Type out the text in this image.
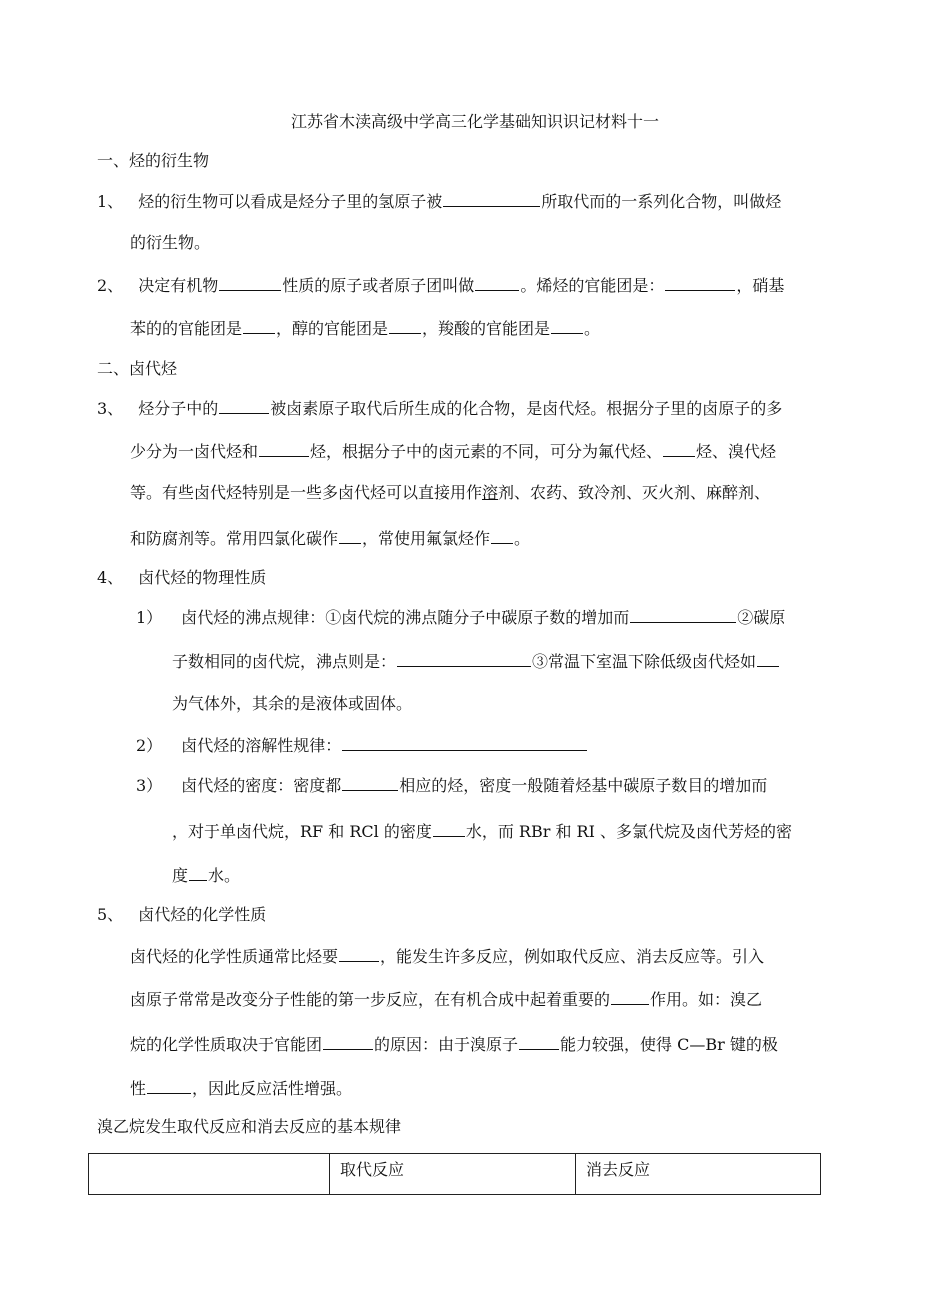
江苏省木渎高级中学高三化学基础知识识记材料十一
一、烃的衍生物
1、 烃的衍生物可以看成是烃分子里的氢原子被	所取代而的一系列化合物，叫做烃
的衍生物。
2、 决定有机物	性质的原子或者原子团叫做	。烯烃的官能团是：	，硝基
苯的的官能团是 ，醇的官能团是 ，羧酸的官能团是 。
二、卤代烃
3、 烃分子中的	被卤素原子取代后所生成的化合物，是卤代烃。根据分子里的卤原子的多
少分为一卤代烃和	烃，根据分子中的卤元素的不同，可分为氟代烃、 烃、溴代烃
等。有些卤代烃特别是一些多卤代烃可以直接用作溶剂、农药、致冷剂、灭火剂、麻醉剂、
和防腐剂等。常用四氯化碳作 ，常使用氟氯烃作 。
4、 卤代烃的物理性质
1） 卤代烃的沸点规律：①卤代烷的沸点随分子中碳原子数的增加而	②碳原
子数相同的卤代烷，沸点则是：	③常温下室温下除低级卤代烃如
为气体外，其余的是液体或固体。
2） 卤代烃的溶解性规律：
3） 卤代烃的密度：密度都	相应的烃，密度一般随着烃基中碳原子数目的增加而
，对于单卤代烷，RF 和 RCl 的密度 水，而 RBr 和 RI 、多氯代烷及卤代芳烃的密
度 水。
5、 卤代烃的化学性质
卤代烃的化学性质通常比烃要	，能发生许多反应，例如取代反应、消去反应等。引入
卤原子常常是改变分子性能的第一步反应，在有机合成中起着重要的	作用。如：溴乙
烷的化学性质取决于官能团	的原因：由于溴原子	能力较强，使得 C—Br 键的极
性	，因此反应活性增强。
溴乙烷发生取代反应和消去反应的基本规律
	取代反应	消去反应
